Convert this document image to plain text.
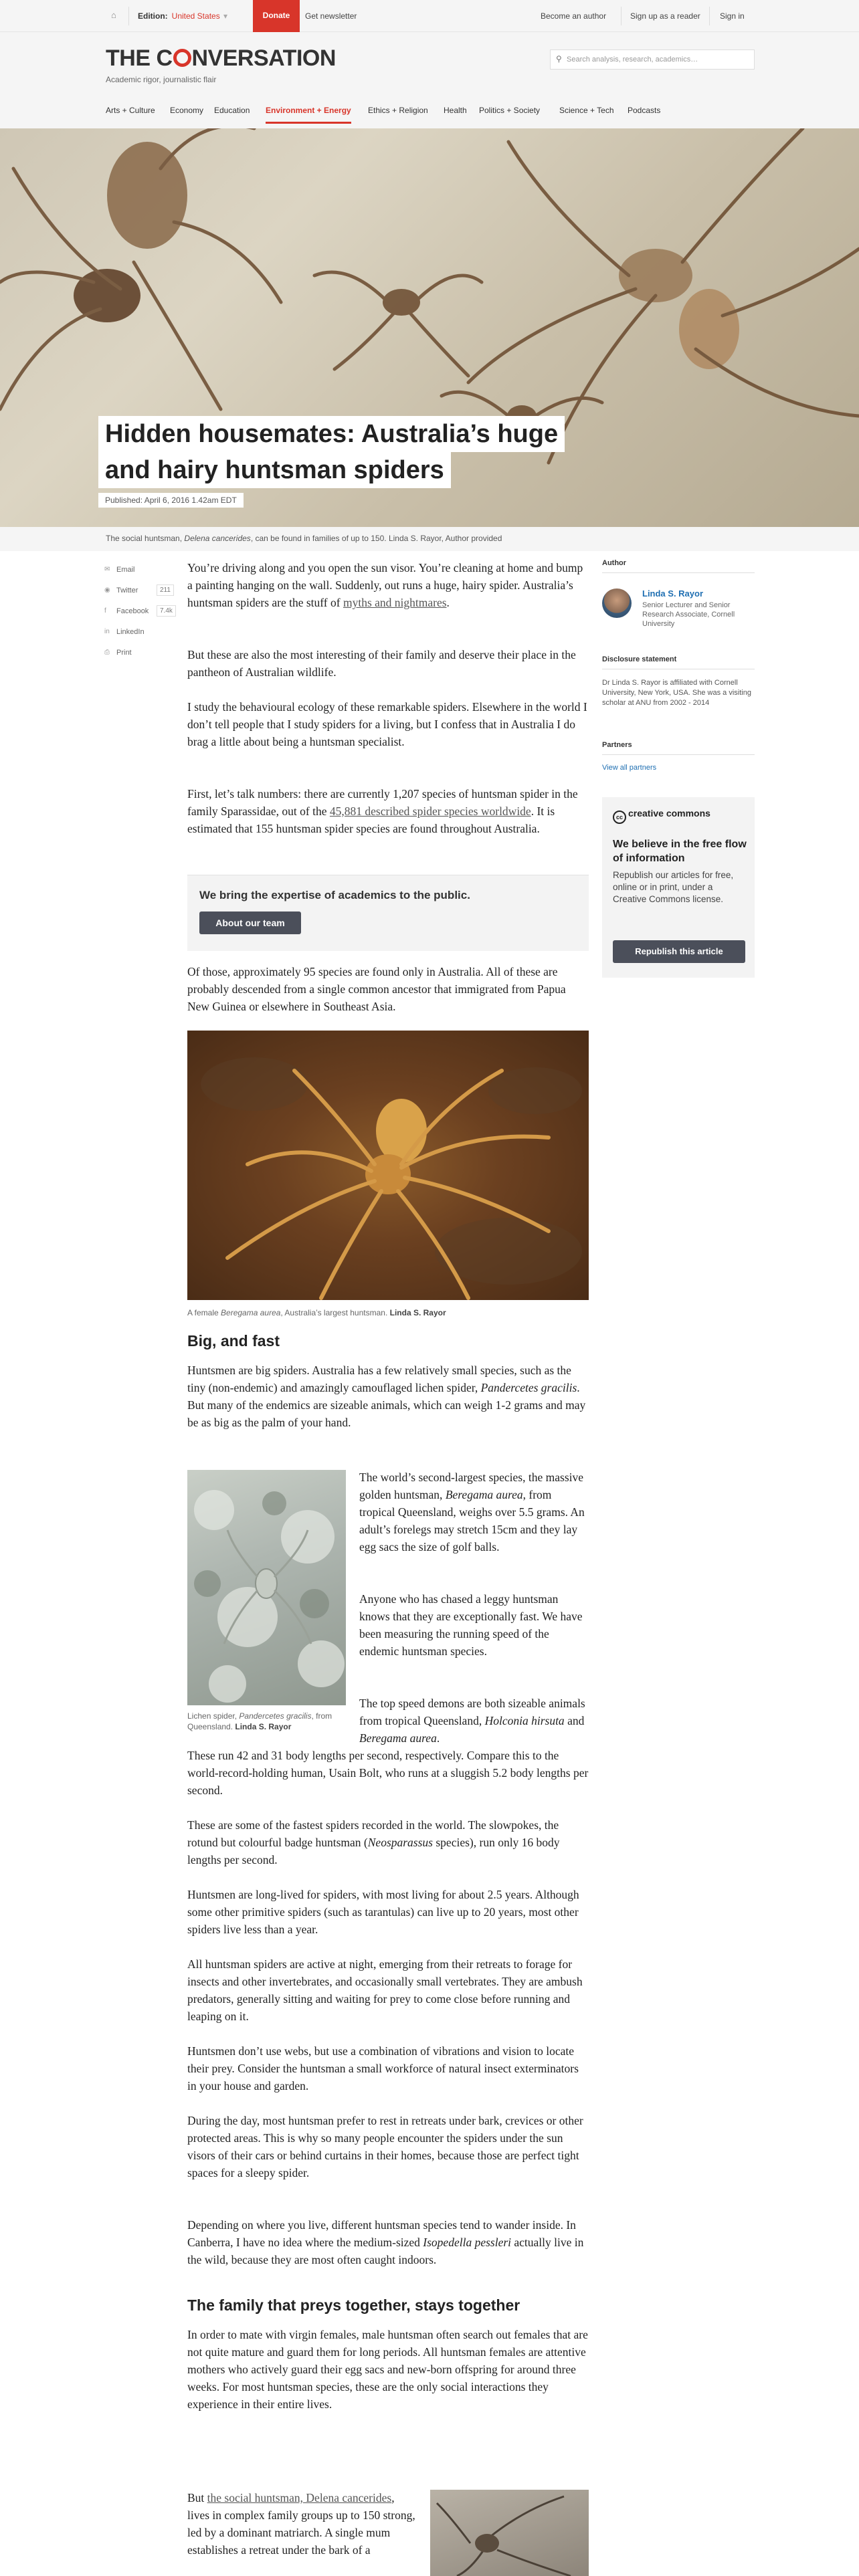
⌂	Edition: United States ▾	Donate	Get newsletter	Become an author	Sign up as a reader Sign in
THE C NVERSATION
Academic rigor, journalistic flair
⚲ Search analysis, research, academics…
Arts + Culture Economy Education Environment + Energy Ethics + Religion Health Politics + Society Science + Tech Podcasts
Hidden housemates: Australia’s huge
and hairy huntsman spiders
Published: April 6, 2016 1.42am EDT
The social huntsman, Delena cancerides, can be found in families of up to 150. Linda S. Rayor, Author provided
✉ Email
◉ Twitter	211
f Facebook	7.4k
in LinkedIn
⎙ Print
You’re driving along and you open the sun visor. You’re cleaning at home and bump a painting hanging on the wall. Suddenly, out runs a huge, hairy spider. Australia’s huntsman spiders are the stuff of myths and nightmares.
But these are also the most interesting of their family and deserve their place in the pantheon of Australian wildlife.
I study the behavioural ecology of these remarkable spiders. Elsewhere in the world I don’t tell people that I study spiders for a living, but I confess that in Australia I do brag a little about being a huntsman specialist.
First, let’s talk numbers: there are currently 1,207 species of huntsman spider in the family Sparassidae, out of the 45,881 described spider species worldwide. It is estimated that 155 huntsman spider species are found throughout Australia.
We bring the expertise of academics to the public.
About our team
Of those, approximately 95 species are found only in Australia. All of these are probably descended from a single common ancestor that immigrated from Papua New Guinea or elsewhere in Southeast Asia.
A female Beregama aurea, Australia’s largest huntsman. Linda S. Rayor
Big, and fast
Huntsmen are big spiders. Australia has a few relatively small species, such as the tiny (non-endemic) and amazingly camouflaged lichen spider, Pandercetes gracilis. But many of the endemics are sizeable animals, which can weigh 1-2 grams and may be as big as the palm of your hand.
Lichen spider, Pandercetes gracilis, from Queensland. Linda S. Rayor
The world’s second-largest species, the massive golden huntsman, Beregama aurea, from tropical Queensland, weighs over 5.5 grams. An adult’s forelegs may stretch 15cm and they lay egg sacs the size of golf balls.
Anyone who has chased a leggy huntsman knows that they are exceptionally fast. We have been measuring the running speed of the endemic huntsman species.
The top speed demons are both sizeable animals from tropical Queensland, Holconia hirsuta and Beregama aurea.
These run 42 and 31 body lengths per second, respectively. Compare this to the world-record-holding human, Usain Bolt, who runs at a sluggish 5.2 body lengths per second.
These are some of the fastest spiders recorded in the world. The slowpokes, the rotund but colourful badge huntsman (Neosparassus species), run only 16 body lengths per second.
Huntsmen are long-lived for spiders, with most living for about 2.5 years. Although some other primitive spiders (such as tarantulas) can live up to 20 years, most other spiders live less than a year.
All huntsman spiders are active at night, emerging from their retreats to forage for insects and other invertebrates, and occasionally small vertebrates. They are ambush predators, generally sitting and waiting for prey to come close before running and leaping on it.
Huntsmen don’t use webs, but use a combination of vibrations and vision to locate their prey. Consider the huntsman a small workforce of natural insect exterminators in your house and garden.
During the day, most huntsman prefer to rest in retreats under bark, crevices or other protected areas. This is why so many people encounter the spiders under the sun visors of their cars or behind curtains in their homes, because those are perfect tight spaces for a sleepy spider.
Depending on where you live, different huntsman species tend to wander inside. In Canberra, I have no idea where the medium-sized Isopedella pessleri actually live in the wild, because they are most often caught indoors.
The family that preys together, stays together
In order to mate with virgin females, male huntsman often search out females that are not quite mature and guard them for long periods. All huntsman females are attentive mothers who actively guard their egg sacs and new-born offspring for around three weeks. For most huntsman species, these are the only social interactions they experience in their entire lives.
But the social huntsman, Delena cancerides, lives in complex family groups up to 150 strong, led by a dominant matriarch. A single mum establishes a retreat under the bark of a
Author
Linda S. Rayor
Senior Lecturer and Senior Research Associate, Cornell University
Disclosure statement
Dr Linda S. Rayor is affiliated with Cornell University, New York, USA. She was a visiting scholar at ANU from 2002 - 2014
Partners
View all partners
cc creative commons
We believe in the free flow of information
Republish our articles for free, online or in print, under a Creative Commons license.
Republish this article
